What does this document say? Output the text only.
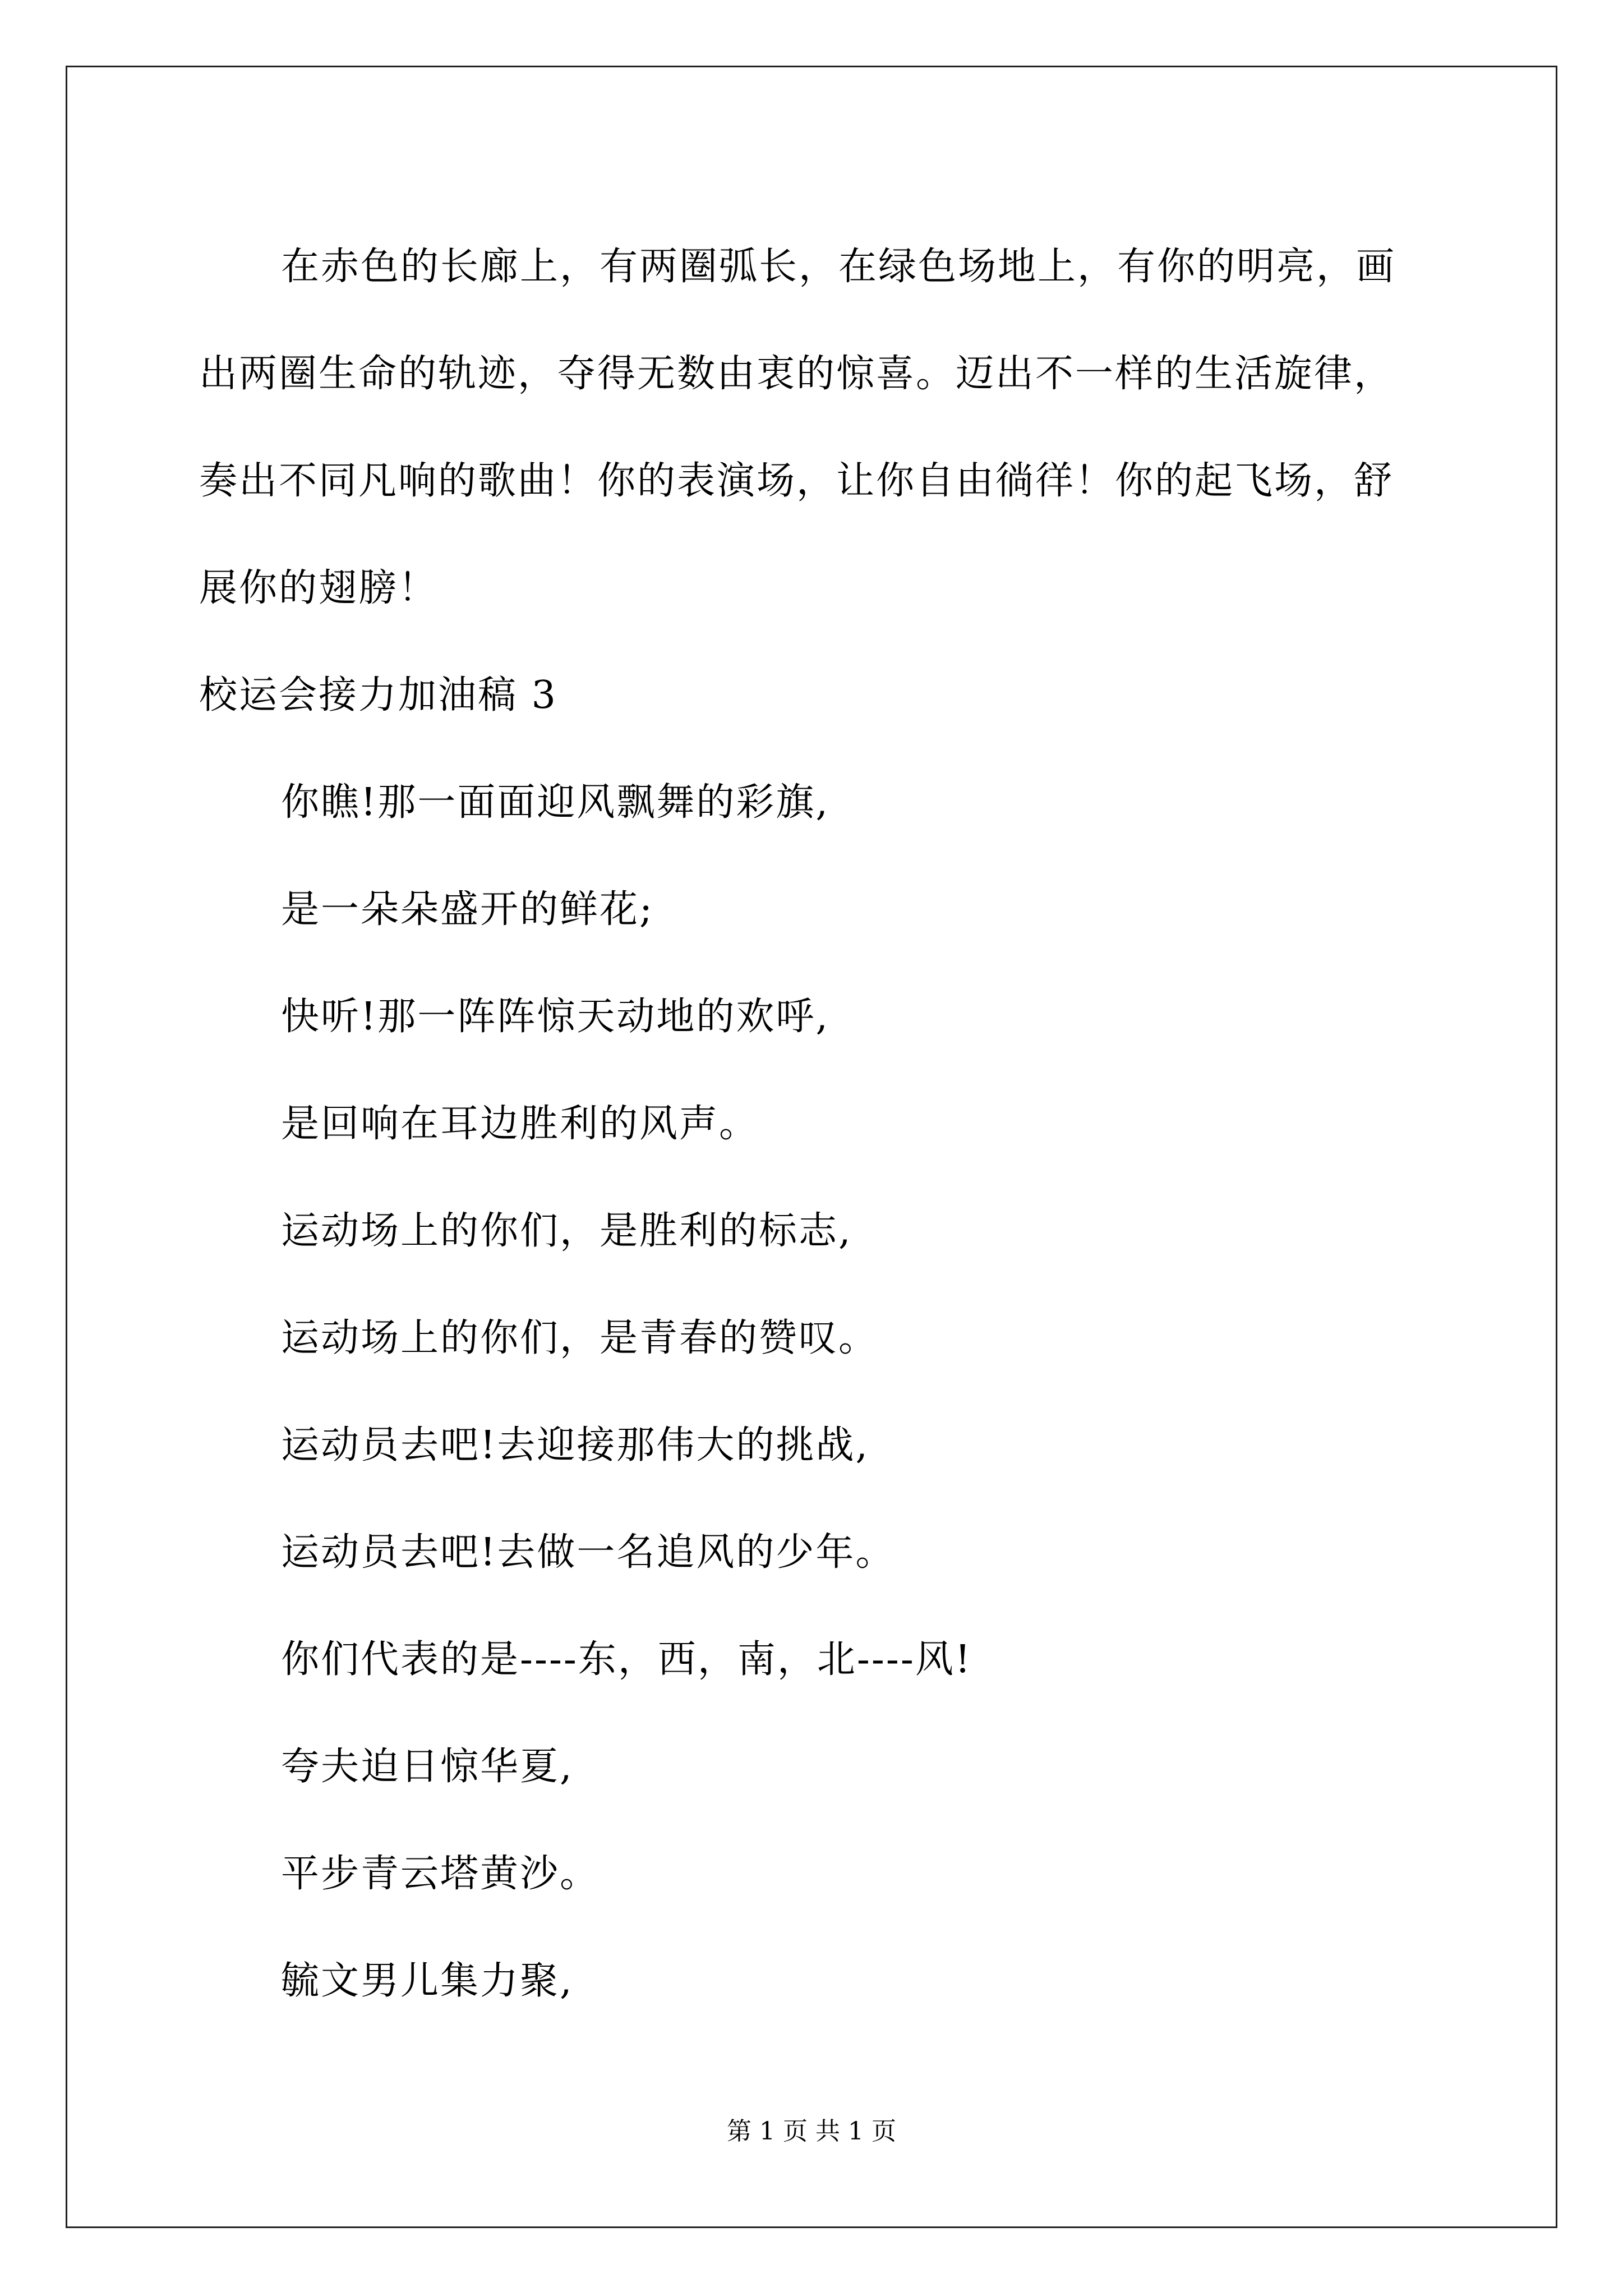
在赤色的长廊上，有两圈弧长，在绿色场地上，有你的明亮，画出两圈生命的轨迹，夺得无数由衷的惊喜。迈出不一样的生活旋律，奏出不同凡响的歌曲！你的表演场，让你自由徜徉！你的起飞场，舒展你的翅膀！

校运会接力加油稿 3

你瞧!那一面面迎风飘舞的彩旗,

是一朵朵盛开的鲜花;

快听!那一阵阵惊天动地的欢呼,

是回响在耳边胜利的风声。

运动场上的你们，是胜利的标志,

运动场上的你们，是青春的赞叹。

运动员去吧!去迎接那伟大的挑战,

运动员去吧!去做一名追风的少年。

你们代表的是----东，西，南，北----风!

夸夫迫日惊华夏,

平步青云塔黄沙。

毓文男儿集力聚,

第 1 页 共 1 页
